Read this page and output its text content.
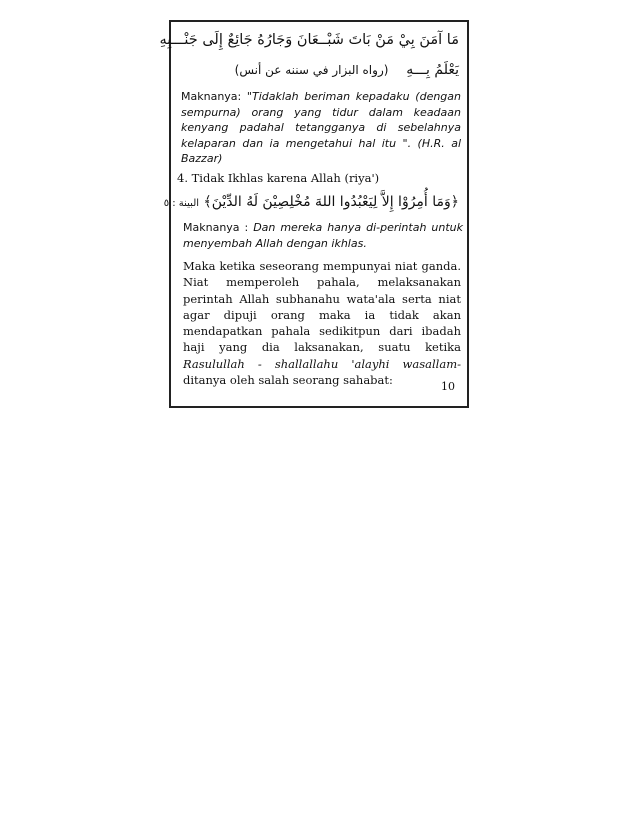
مَا آمَنَ بِيْ مَنْ بَاتَ شَبْــعَانَ وَجَارُهُ جَائِعٌ إِلَى جَنْـــبِهِ
يَعْلَمُ بِـــهِ    (رواه البزار في سننه عن أنس)
Maknanya: "Tidaklah beriman kepadaku (dengan sempurna) orang yang tidur dalam keadaan kenyang padahal tetangganya di sebelahnya kelaparan dan ia mengetahui hal itu ". (H.R. al Bazzar)
4. Tidak Ikhlas karena Allah (riya')
﴿وَمَا أُمِرُوْا إِلاَّ لِيَعْبُدُوا اللهَ مُخْلِصِيْنَ لَهُ الدِّيْنَ﴾ البينة : ٥
Maknanya : Dan mereka hanya di-perintah untuk menyembah Allah dengan ikhlas.
Maka ketika seseorang mempunyai niat ganda. Niat memperoleh pahala, melaksanakan perintah Allah subhanahu wata'ala serta niat agar dipuji orang maka ia tidak akan mendapatkan pahala sedikitpun dari ibadah haji yang dia laksanakan, suatu ketika Rasulullah - shallallahu 'alayhi wasallam- ditanya oleh salah seorang sahabat:	10
